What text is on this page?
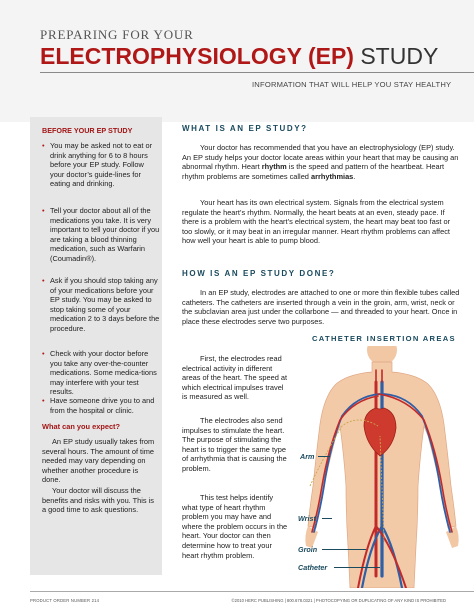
PREPARING FOR YOUR
ELECTROPHYSIOLOGY (EP) STUDY
INFORMATION THAT WILL HELP YOU STAY HEALTHY
BEFORE YOUR EP STUDY
• You may be asked not to eat or drink anything for 6 to 8 hours before your EP study. Follow your doctor’s guide-lines for eating and drinking.
• Tell your doctor about all of the medications you take. It is very important to tell your doctor if you are taking a blood thinning medication, such as Warfarin (Coumadin®).
• Ask if you should stop taking any of your medications before your EP study. You may be asked to stop taking some of your medication 2 to 3 days before the procedure.
• Check with your doctor before you take any over-the-counter medications. Some medica-tions may interfere with your test results.
• Have someone drive you to and from the hospital or clinic.
What can you expect?
An EP study usually takes from several hours. The amount of time needed may vary depending on whether another procedure is done.
Your doctor will discuss the benefits and risks with you. This is a good time to ask questions.
WHAT IS AN EP STUDY?
Your doctor has recommended that you have an electrophysiology (EP) study. An EP study helps your doctor locate areas within your heart that may be causing an abnormal rhythm. Heart rhythm is the speed and pattern of the heartbeat. Heart rhythm problems are sometimes called arrhythmias.
Your heart has its own electrical system. Signals from the electrical system regulate the heart’s rhythm. Normally, the heart beats at an even, steady pace. If there is a problem with the heart’s electrical system, the heart may beat too fast or too slowly, or it may beat in an irregular manner. Heart rhythm problems can affect how well your heart is able to pump blood.
HOW IS AN EP STUDY DONE?
In an EP study, electrodes are attached to one or more thin flexible tubes called catheters. The catheters are inserted through a vein in the groin, arm, wrist, neck or the subclavian area just under the collarbone — and threaded to your heart. Once in place these electrodes serve two purposes.
First, the electrodes read electrical activity in different areas of the heart. The speed at which electrical impulses travel is measured as well.
The electrodes also send impulses to stimulate the heart. The purpose of stimulating the heart is to trigger the same type of arrhythmia that is causing the problem.
This test helps identify what type of heart rhythm problem you may have and where the problem occurs in the heart. Your doctor can then determine how to treat your heart rhythm problem.
CATHETER INSERTION AREAS
Arm
Wrist
Groin
Catheter
PRODUCT ORDER NUMBER 214	©2010 HERC PUBLISHING | 800.678.0321 | PHOTOCOPYING OR DUPLICATING OF ANY KIND IS PROHIBITED
